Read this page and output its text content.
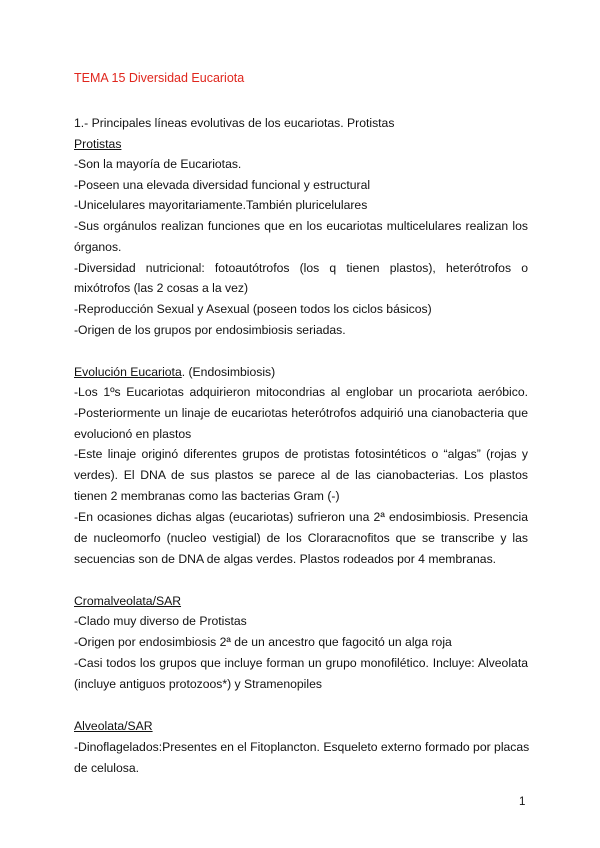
TEMA 15 Diversidad Eucariota
1.- Principales líneas evolutivas de los eucariotas. Protistas
Protistas
-Son la mayoría de Eucariotas.
-Poseen una elevada diversidad funcional y estructural
-Unicelulares mayoritariamente.También pluricelulares
-Sus orgánulos realizan funciones que en los eucariotas multicelulares realizan los
órganos.
-Diversidad nutricional: fotoautótrofos (los q tienen plastos), heterótrofos o
mixótrofos (las 2 cosas a la vez)
-Reproducción Sexual y Asexual (poseen todos los ciclos básicos)
-Origen de los grupos por endosimbiosis seriadas.
Evolución Eucariota. (Endosimbiosis)
-Los 1ºs Eucariotas adquirieron mitocondrias al englobar un procariota aeróbico.
-Posteriormente un linaje de eucariotas heterótrofos adquirió una cianobacteria que
evolucionó en plastos
-Este linaje originó diferentes grupos de protistas fotosintéticos o “algas” (rojas y
verdes). El DNA de sus plastos se parece al de las cianobacterias. Los plastos
tienen 2 membranas como las bacterias Gram (-)
-En ocasiones dichas algas (eucariotas) sufrieron una 2ª endosimbiosis. Presencia
de nucleomorfo (nucleo vestigial) de los Cloraracnofitos que se transcribe y las
secuencias son de DNA de algas verdes. Plastos rodeados por 4 membranas.
Cromalveolata/SAR
-Clado muy diverso de Protistas
-Origen por endosimbiosis 2ª de un ancestro que fagocitó un alga roja
-Casi todos los grupos que incluye forman un grupo monofilético. Incluye: Alveolata
(incluye antiguos protozoos*) y Stramenopiles
Alveolata/SAR
-Dinoflagelados:Presentes en el Fitoplancton. Esqueleto externo formado por placas
de celulosa.
1
